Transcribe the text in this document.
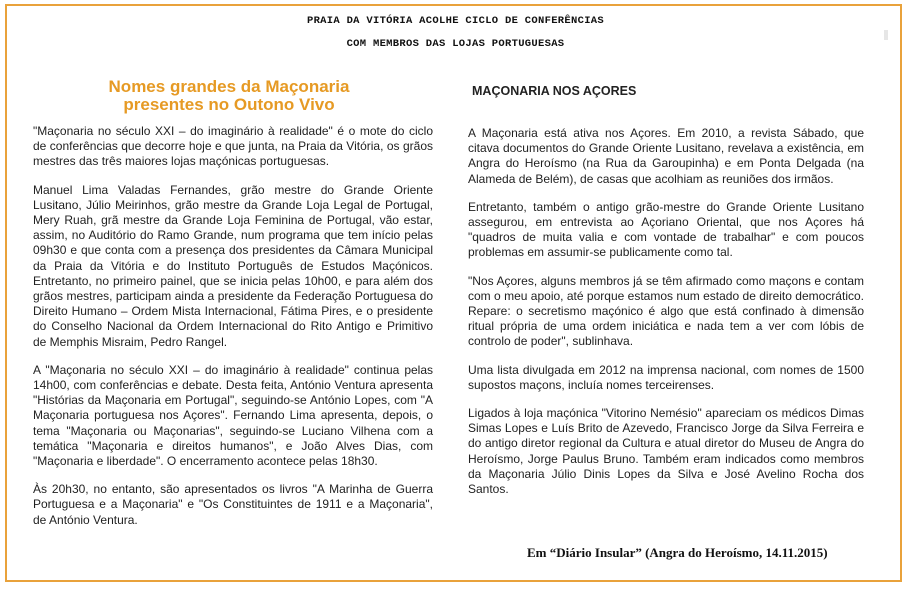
PRAIA DA VITÓRIA ACOLHE CICLO DE CONFERÊNCIAS
COM MEMBROS DAS LOJAS PORTUGUESAS
Nomes grandes da Maçonaria
presentes no Outono Vivo
MAÇONARIA NOS AÇORES

"Maçonaria no século XXI – do imaginário à realidade" é o mote do ciclo de conferências que decorre hoje e que junta, na Praia da Vitória, os grãos mestres das três maiores lojas maçónicas portuguesas.

Manuel Lima Valadas Fernandes, grão mestre do Grande Oriente Lusitano, Júlio Meirinhos, grão mestre da Grande Loja Legal de Portugal, Mery Ruah, grã mestre da Grande Loja Feminina de Portugal, vão estar, assim, no Auditório do Ramo Grande, num programa que tem início pelas 09h30 e que conta com a presença dos presidentes da Câmara Municipal da Praia da Vitória e do Instituto Português de Estudos Maçónicos. Entretanto, no primeiro painel, que se inicia pelas 10h00, e para além dos grãos mestres, participam ainda a presidente da Federação Portuguesa do Direito Humano – Ordem Mista Internacional, Fátima Pires, e o presidente do Conselho Nacional da Ordem Internacional do Rito Antigo e Primitivo de Memphis Misraim, Pedro Rangel.

A "Maçonaria no século XXI – do imaginário à realidade" continua pelas 14h00, com conferências e debate. Desta feita, António Ventura apresenta "Histórias da Maçonaria em Portugal", seguindo-se António Lopes, com "A Maçonaria portuguesa nos Açores". Fernando Lima apresenta, depois, o tema "Maçonaria ou Maçonarias", seguindo-se Luciano Vilhena com a temática "Maçonaria e direitos humanos", e João Alves Dias, com "Maçonaria e liberdade". O encerramento acontece pelas 18h30.

Às 20h30, no entanto, são apresentados os livros "A Marinha de Guerra Portuguesa e a Maçonaria" e "Os Constituintes de 1911 e a Maçonaria", de António Ventura.

A Maçonaria está ativa nos Açores. Em 2010, a revista Sábado, que citava documentos do Grande Oriente Lusitano, revelava a existência, em Angra do Heroísmo (na Rua da Garoupinha) e em Ponta Delgada (na Alameda de Belém), de casas que acolhiam as reuniões dos irmãos.

Entretanto, também o antigo grão-mestre do Grande Oriente Lusitano assegurou, em entrevista ao Açoriano Oriental, que nos Açores há "quadros de muita valia e com vontade de trabalhar" e com poucos problemas em assumir-se publicamente como tal.

"Nos Açores, alguns membros já se têm afirmado como maçons e contam com o meu apoio, até porque estamos num estado de direito democrático. Repare: o secretismo maçónico é algo que está confinado à dimensão ritual própria de uma ordem iniciática e nada tem a ver com lóbis de controlo de poder", sublinhava.

Uma lista divulgada em 2012 na imprensa nacional, com nomes de 1500 supostos maçons, incluía nomes terceirenses.

Ligados à loja maçónica "Vitorino Nemésio" apareciam os médicos Dimas Simas Lopes e Luís Brito de Azevedo, Francisco Jorge da Silva Ferreira e do antigo diretor regional da Cultura e atual diretor do Museu de Angra do Heroísmo, Jorge Paulus Bruno. Também eram indicados como membros da Maçonaria Júlio Dinis Lopes da Silva e José Avelino Rocha dos Santos.

Em “Diário Insular” (Angra do Heroísmo, 14.11.2015)
